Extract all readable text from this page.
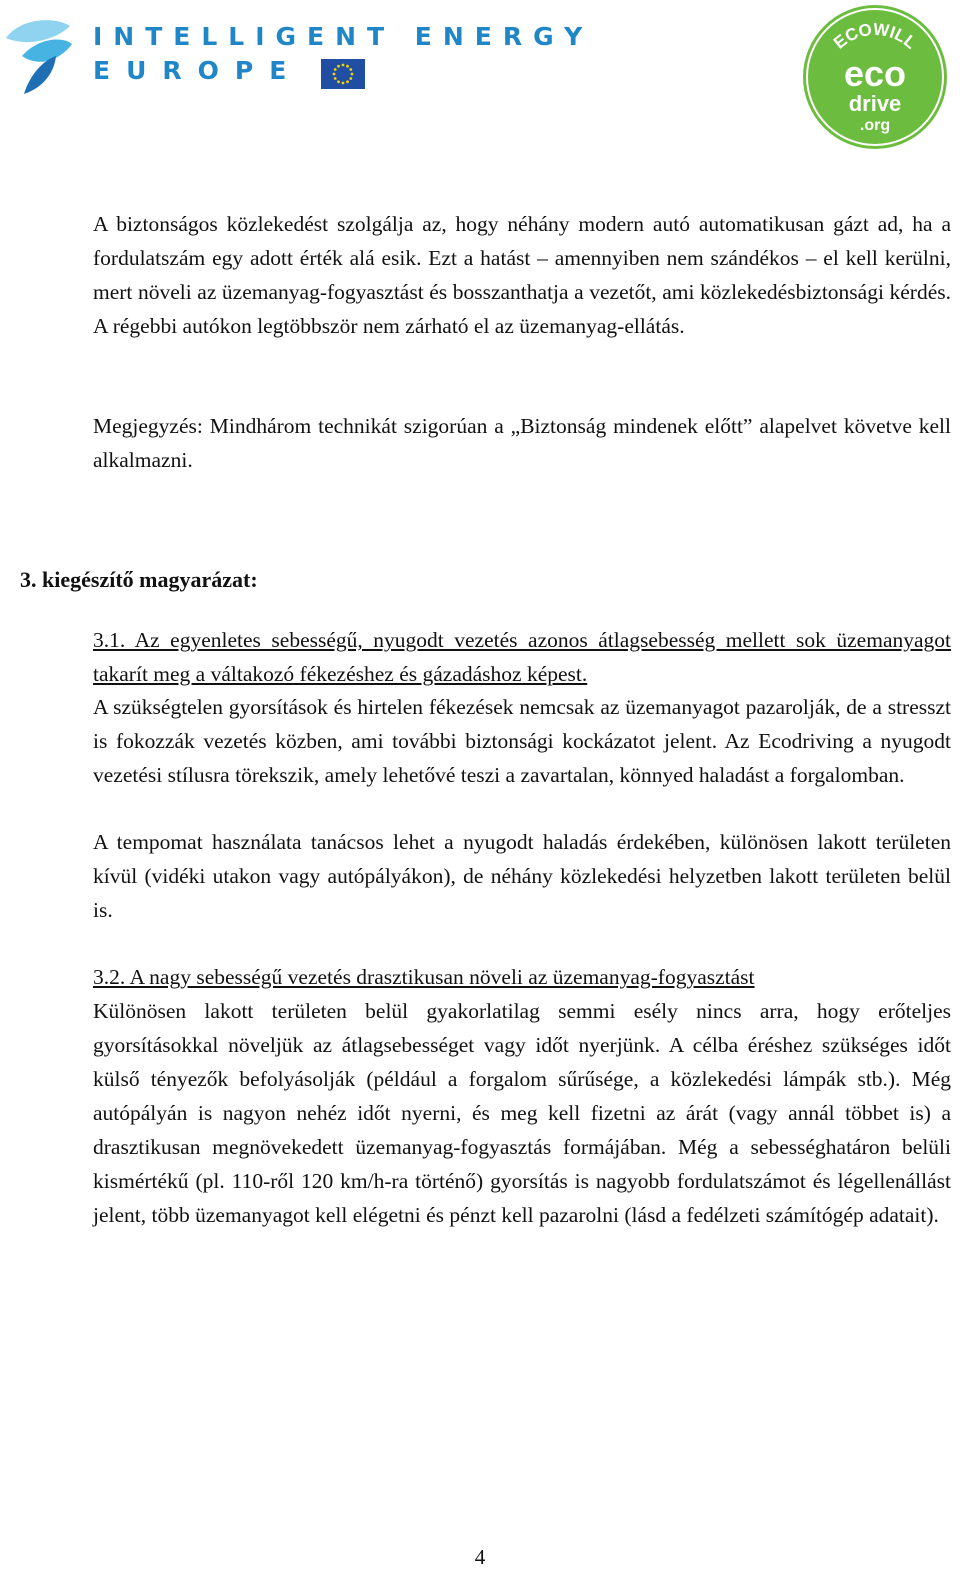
INTELLIGENT ENERGY
EUROPE
ECOWILL
eco
drive
.org

A biztonságos közlekedést szolgálja az, hogy néhány modern autó automatikusan gázt ad, ha a fordulatszám egy adott érték alá esik. Ezt a hatást – amennyiben nem szándékos – el kell kerülni, mert növeli az üzemanyag-fogyasztást és bosszanthatja a vezetőt, ami közlekedésbiztonsági kérdés. A régebbi autókon legtöbbször nem zárható el az üzemanyag-ellátás.

Megjegyzés: Mindhárom technikát szigorúan a „Biztonság mindenek előtt” alapelvet követve kell alkalmazni.

3. kiegészítő magyarázat:

3.1. Az egyenletes sebességű, nyugodt vezetés azonos átlagsebesség mellett sok üzemanyagot takarít meg a váltakozó fékezéshez és gázadáshoz képest.

A szükségtelen gyorsítások és hirtelen fékezések nemcsak az üzemanyagot pazarolják, de a stresszt is fokozzák vezetés közben, ami további biztonsági kockázatot jelent. Az Ecodriving a nyugodt vezetési stílusra törekszik, amely lehetővé teszi a zavartalan, könnyed haladást a forgalomban.

A tempomat használata tanácsos lehet a nyugodt haladás érdekében, különösen lakott területen kívül (vidéki utakon vagy autópályákon), de néhány közlekedési helyzetben lakott területen belül is.

3.2. A nagy sebességű vezetés drasztikusan növeli az üzemanyag-fogyasztást

Különösen lakott területen belül gyakorlatilag semmi esély nincs arra, hogy erőteljes gyorsításokkal növeljük az átlagsebességet vagy időt nyerjünk. A célba éréshez szükséges időt külső tényezők befolyásolják (például a forgalom sűrűsége, a közlekedési lámpák stb.). Még autópályán is nagyon nehéz időt nyerni, és meg kell fizetni az árát (vagy annál többet is) a drasztikusan megnövekedett üzemanyag-fogyasztás formájában. Még a sebességhatáron belüli kismértékű (pl. 110-ről 120 km/h-ra történő) gyorsítás is nagyobb fordulatszámot és légellenállást jelent, több üzemanyagot kell elégetni és pénzt kell pazarolni (lásd a fedélzeti számítógép adatait).

4
